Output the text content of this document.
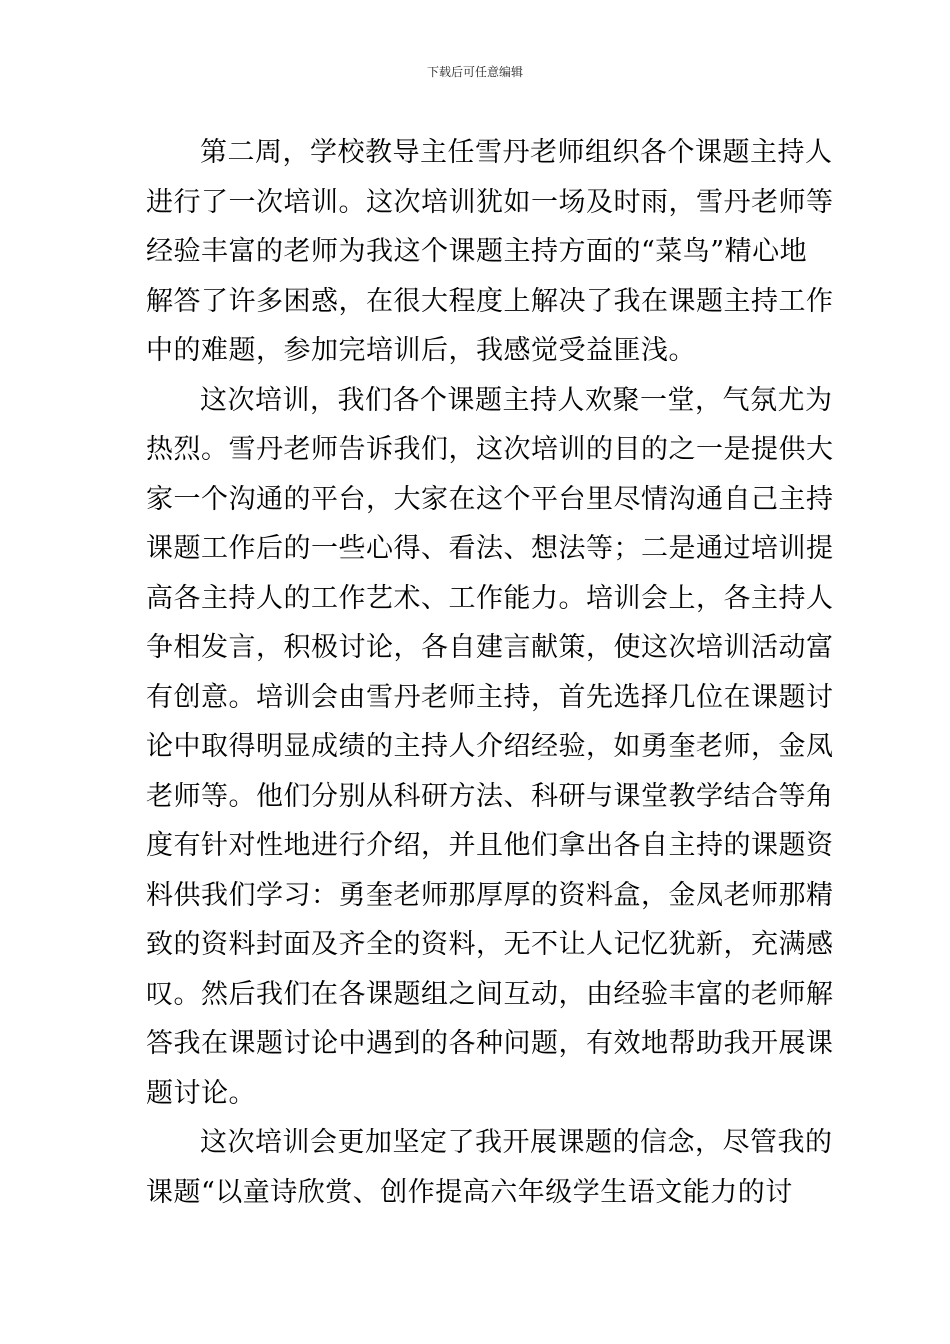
下载后可任意编辑
第二周，学校教导主任雪丹老师组织各个课题主持人
进行了一次培训。这次培训犹如一场及时雨，雪丹老师等
经验丰富的老师为我这个课题主持方面的“菜鸟”精心地
解答了许多困惑，在很大程度上解决了我在课题主持工作
中的难题，参加完培训后，我感觉受益匪浅。
这次培训，我们各个课题主持人欢聚一堂，气氛尤为
热烈。雪丹老师告诉我们，这次培训的目的之一是提供大
家一个沟通的平台，大家在这个平台里尽情沟通自己主持
课题工作后的一些心得、看法、想法等；二是通过培训提
高各主持人的工作艺术、工作能力。培训会上，各主持人
争相发言，积极讨论，各自建言献策，使这次培训活动富
有创意。培训会由雪丹老师主持，首先选择几位在课题讨
论中取得明显成绩的主持人介绍经验，如勇奎老师，金凤
老师等。他们分别从科研方法、科研与课堂教学结合等角
度有针对性地进行介绍，并且他们拿出各自主持的课题资
料供我们学习：勇奎老师那厚厚的资料盒，金凤老师那精
致的资料封面及齐全的资料，无不让人记忆犹新，充满感
叹。然后我们在各课题组之间互动，由经验丰富的老师解
答我在课题讨论中遇到的各种问题，有效地帮助我开展课
题讨论。
这次培训会更加坚定了我开展课题的信念，尽管我的
课题“以童诗欣赏、创作提高六年级学生语文能力的讨
